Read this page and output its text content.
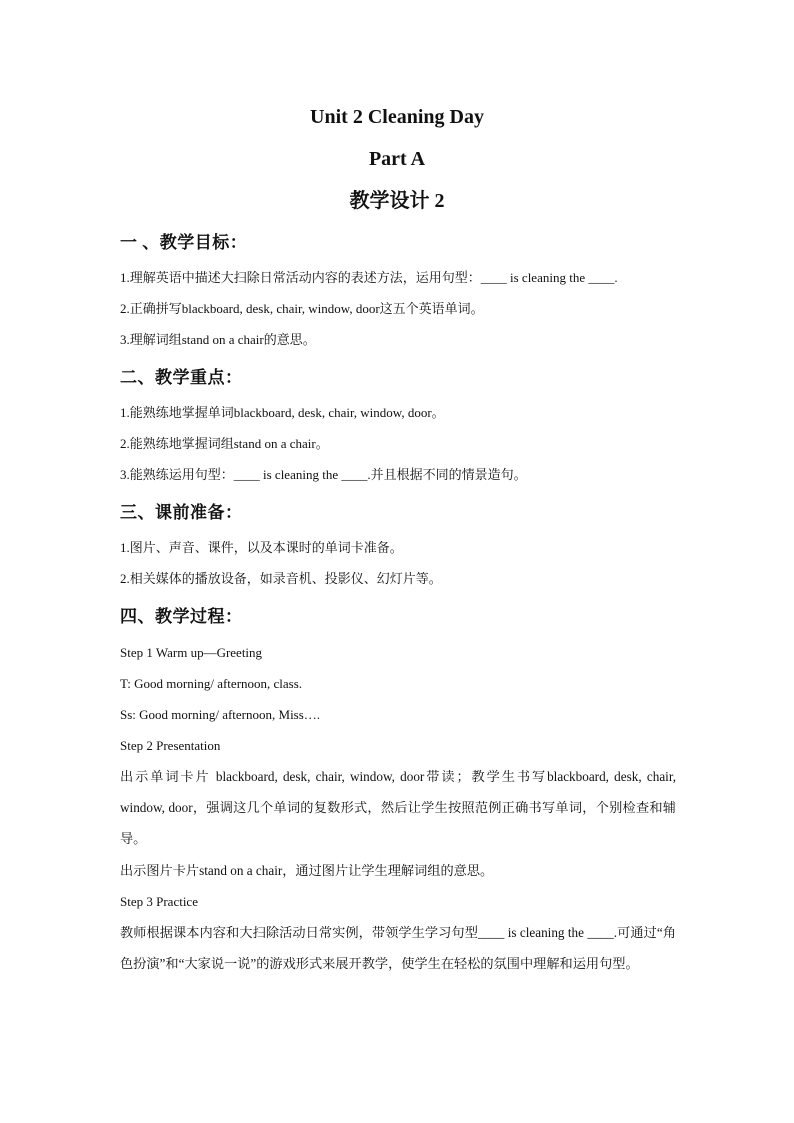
Unit 2 Cleaning Day
Part A
教学设计 2
一 、教学目标：
1.理解英语中描述大扫除日常活动内容的表述方法，运用句型：____ is cleaning the ____.
2.正确拼写blackboard, desk, chair, window, door这五个英语单词。
3.理解词组stand on a chair的意思。
二、教学重点：
1.能熟练地掌握单词blackboard, desk, chair, window, door。
2.能熟练地掌握词组stand on a chair。
3.能熟练运用句型：____ is cleaning the ____.并且根据不同的情景造句。
三、课前准备：
1.图片、声音、课件，以及本课时的单词卡准备。
2.相关媒体的播放设备，如录音机、投影仪、幻灯片等。
四、教学过程：
Step 1 Warm up—Greeting
T: Good morning/ afternoon, class.
Ss: Good morning/ afternoon, Miss….
Step 2 Presentation
出示单词卡片 blackboard, desk, chair, window, door带读；教学生书写blackboard, desk, chair, window, door，强调这几个单词的复数形式，然后让学生按照范例正确书写单词，个别检查和辅导。
出示图片卡片stand on a chair，通过图片让学生理解词组的意思。
Step 3 Practice
教师根据课本内容和大扫除活动日常实例，带领学生学习句型____ is cleaning the ____.可通过“角色扮演”和“大家说一说”的游戏形式来展开教学，使学生在轻松的氛围中理解和运用句型。
